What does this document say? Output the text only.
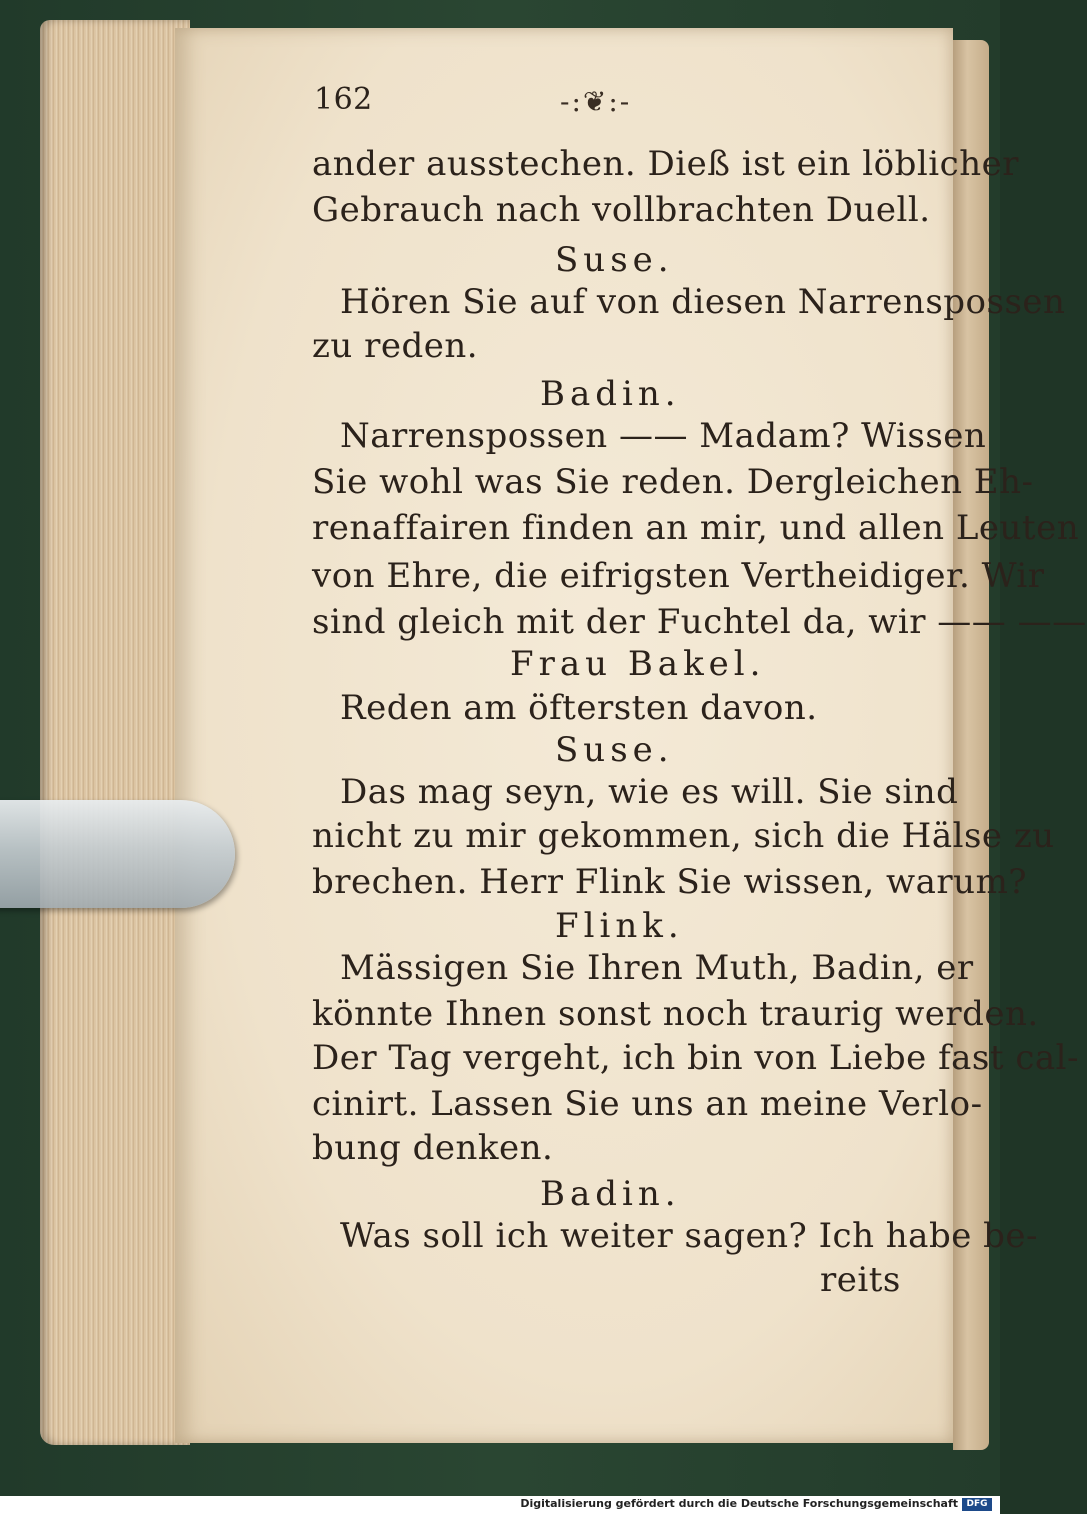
162	-:❦:-
ander ausstechen. Dieß ist ein löblicher
Gebrauch nach vollbrachten Duell.
Suse.
Hören Sie auf von diesen Narrenspossen
zu reden.
Badin.
Narrenspossen —— Madam? Wissen
Sie wohl was Sie reden. Dergleichen Eh-
renaffairen finden an mir, und allen Leuten
von Ehre, die eifrigsten Vertheidiger. Wir
sind gleich mit der Fuchtel da, wir —— ——
Frau Bakel.
Reden am öftersten davon.
Suse.
Das mag seyn, wie es will. Sie sind
nicht zu mir gekommen, sich die Hälse zu
brechen. Herr Flink Sie wissen, warum?
Flink.
Mässigen Sie Ihren Muth, Badin, er
könnte Ihnen sonst noch traurig werden.
Der Tag vergeht, ich bin von Liebe fast cal-
cinirt. Lassen Sie uns an meine Verlo-
bung denken.
Badin.
Was soll ich weiter sagen? Ich habe be-
reits
Digitalisierung gefördert durch die Deutsche Forschungsgemeinschaft DFG
